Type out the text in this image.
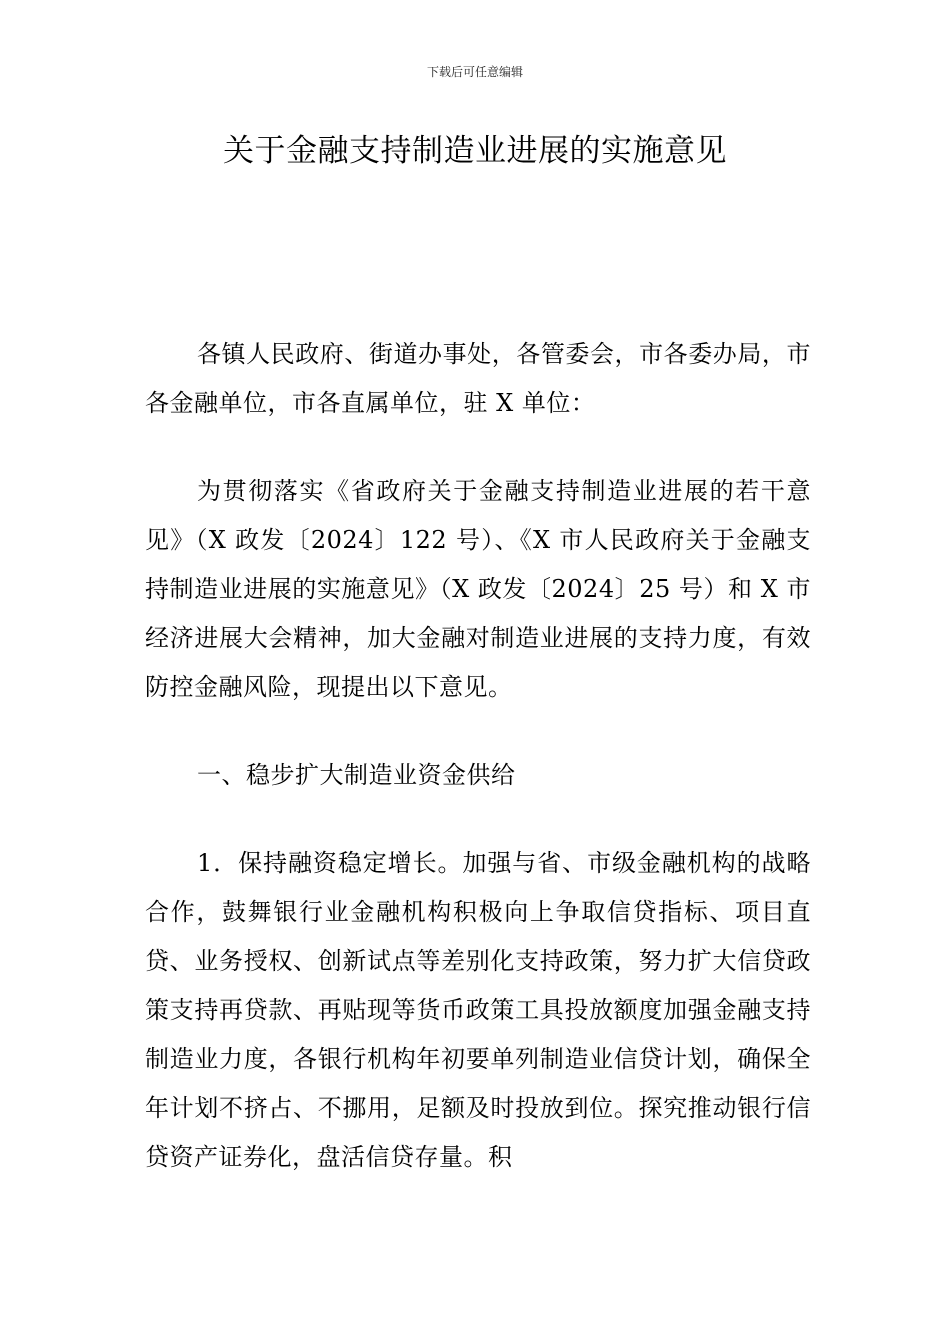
下载后可任意编辑
关于金融支持制造业进展的实施意见

各镇人民政府、街道办事处，各管委会，市各委办局，市各金融单位，市各直属单位，驻 X 单位：

为贯彻落实《省政府关于金融支持制造业进展的若干意见》（X 政发〔2024〕122 号）、《X 市人民政府关于金融支持制造业进展的实施意见》（X 政发〔2024〕25 号）和 X 市经济进展大会精神，加大金融对制造业进展的支持力度，有效防控金融风险，现提出以下意见。

一、稳步扩大制造业资金供给

1．保持融资稳定增长。加强与省、市级金融机构的战略合作，鼓舞银行业金融机构积极向上争取信贷指标、项目直贷、业务授权、创新试点等差别化支持政策，努力扩大信贷政策支持再贷款、再贴现等货币政策工具投放额度加强金融支持制造业力度，各银行机构年初要单列制造业信贷计划，确保全年计划不挤占、不挪用，足额及时投放到位。探究推动银行信贷资产证券化，盘活信贷存量。积
